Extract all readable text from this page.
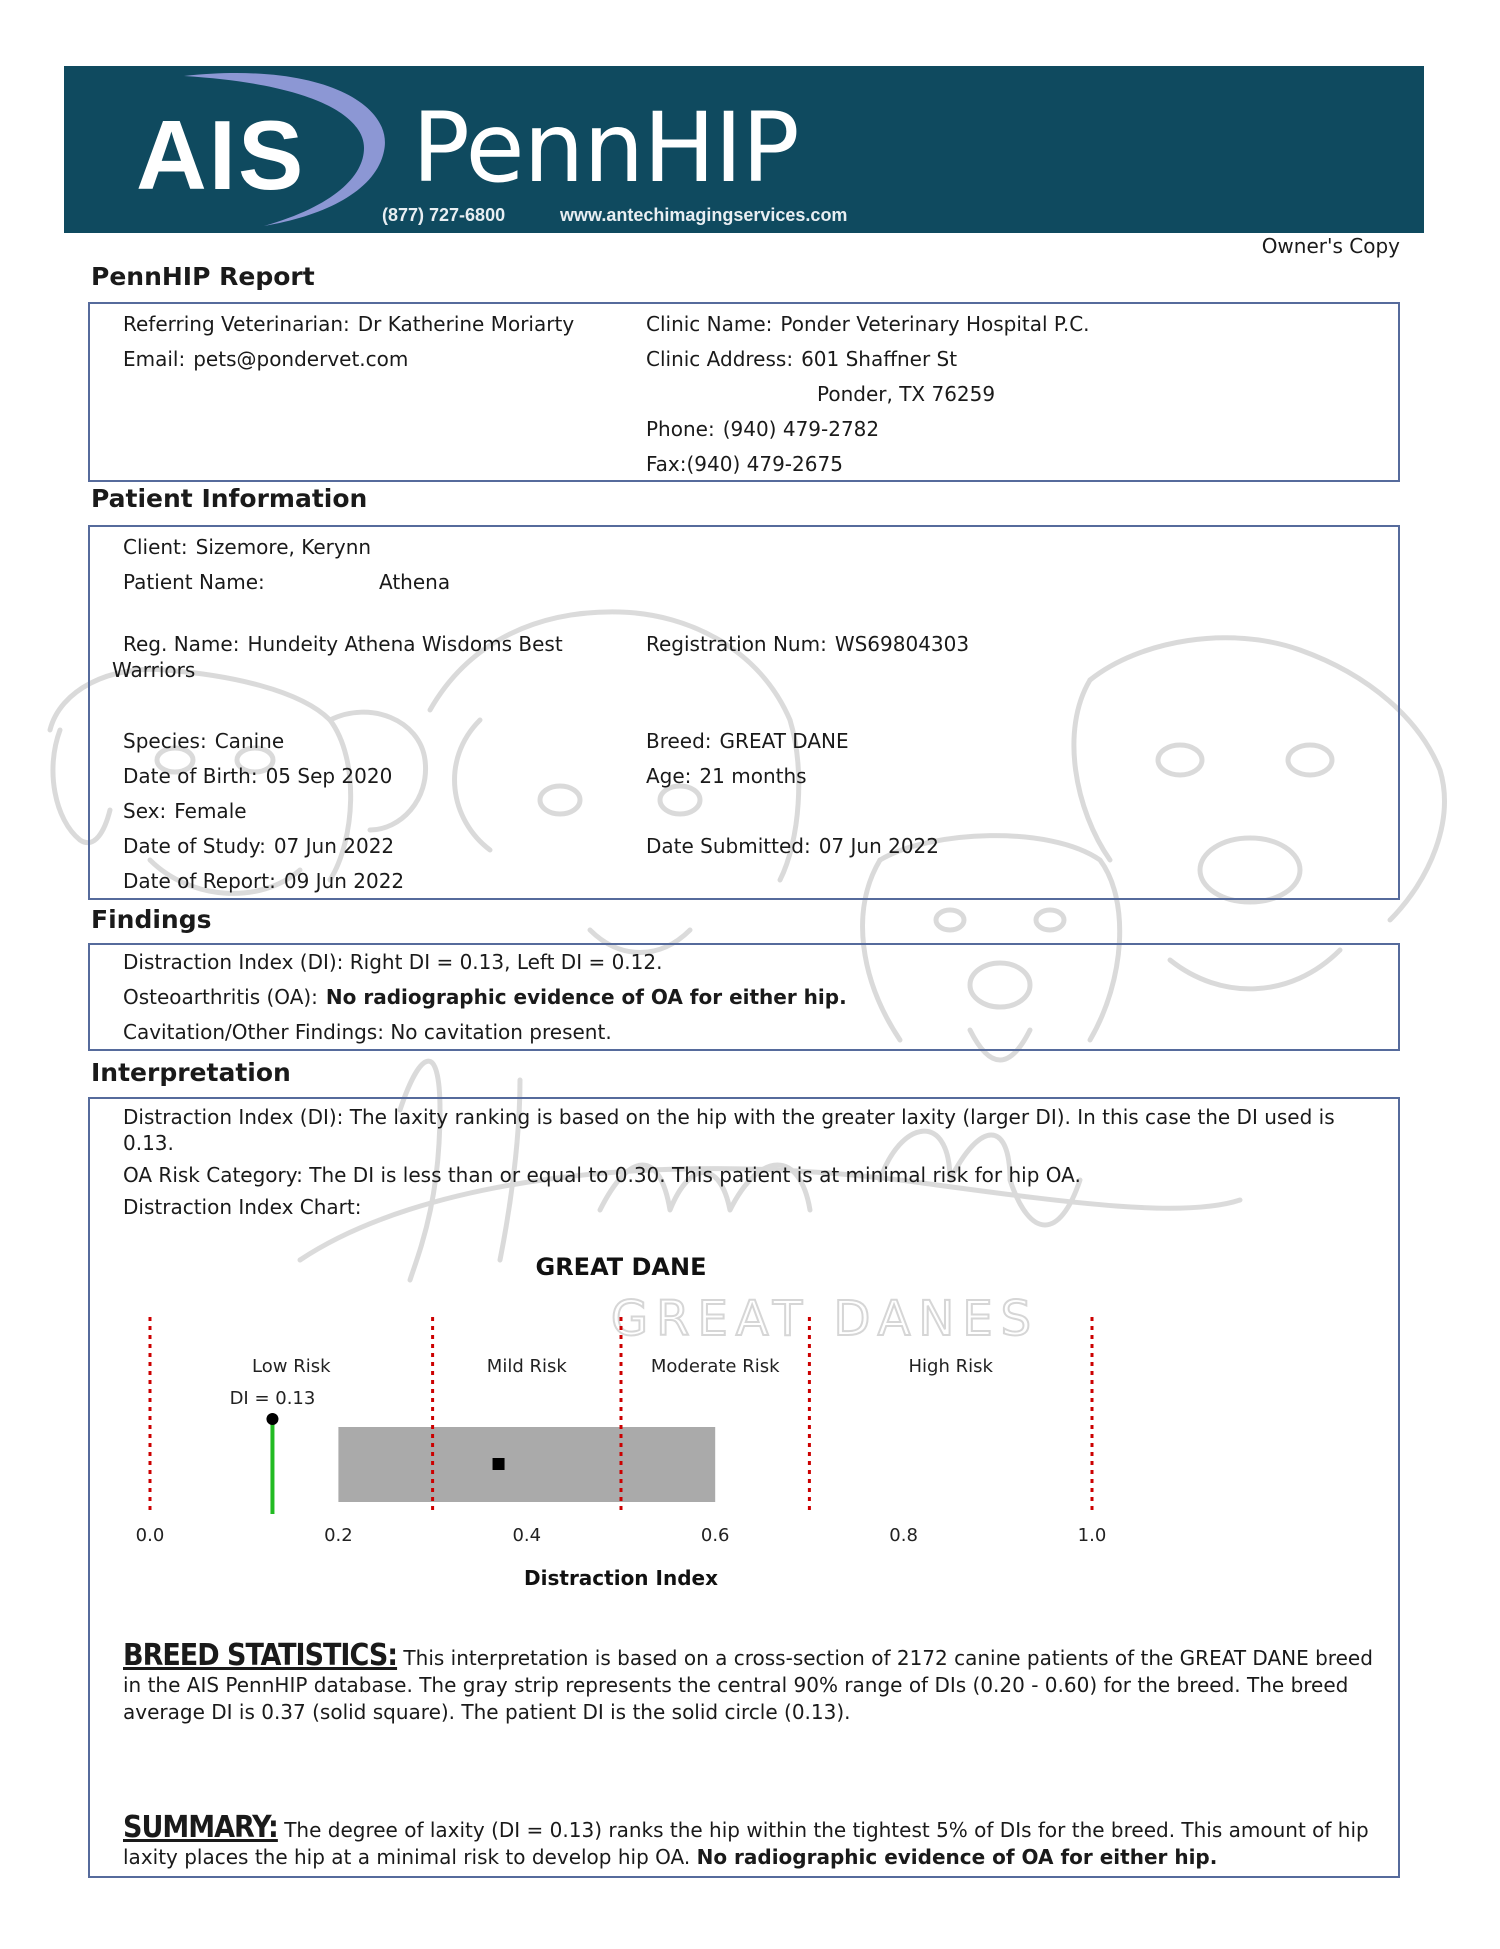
AIS PennHIP
(877) 727-6800	www.antechimagingservices.com
Owner's Copy
GREAT DANES
PennHIP Report
Referring Veterinarian: Dr Katherine Moriarty
Email: pets@pondervet.com
Clinic Name: Ponder Veterinary Hospital P.C.
Clinic Address: 601 Shaffner St
Ponder, TX 76259
Phone: (940) 479-2782
Fax:(940) 479-2675
Patient Information
Client: Sizemore, Kerynn
Patient Name:	Athena
Reg. Name: Hundeity Athena Wisdoms Best
Warriors
Registration Num: WS69804303
Species: Canine	Breed: GREAT DANE
Date of Birth: 05 Sep 2020	Age: 21 months
Sex: Female
Date of Study: 07 Jun 2022	Date Submitted: 07 Jun 2022
Date of Report: 09 Jun 2022
Findings
Distraction Index (DI): Right DI = 0.13, Left DI = 0.12.
Osteoarthritis (OA): No radiographic evidence of OA for either hip.
Cavitation/Other Findings: No cavitation present.
Interpretation
Distraction Index (DI): The laxity ranking is based on the hip with the greater laxity (larger DI). In this case the DI used is 0.13.
OA Risk Category: The DI is less than or equal to 0.30. This patient is at minimal risk for hip OA.
Distraction Index Chart:
GREAT DANE
Low Risk	Mild Risk	Moderate Risk	High Risk
DI = 0.13
0.0	0.2	0.4	0.6	0.8	1.0
Distraction Index
BREED STATISTICS: This interpretation is based on a cross-section of 2172 canine patients of the GREAT DANE breed in the AIS PennHIP database. The gray strip represents the central 90% range of DIs (0.20 - 0.60) for the breed. The breed average DI is 0.37 (solid square). The patient DI is the solid circle (0.13).
SUMMARY: The degree of laxity (DI = 0.13) ranks the hip within the tightest 5% of DIs for the breed. This amount of hip laxity places the hip at a minimal risk to develop hip OA. No radiographic evidence of OA for either hip.
